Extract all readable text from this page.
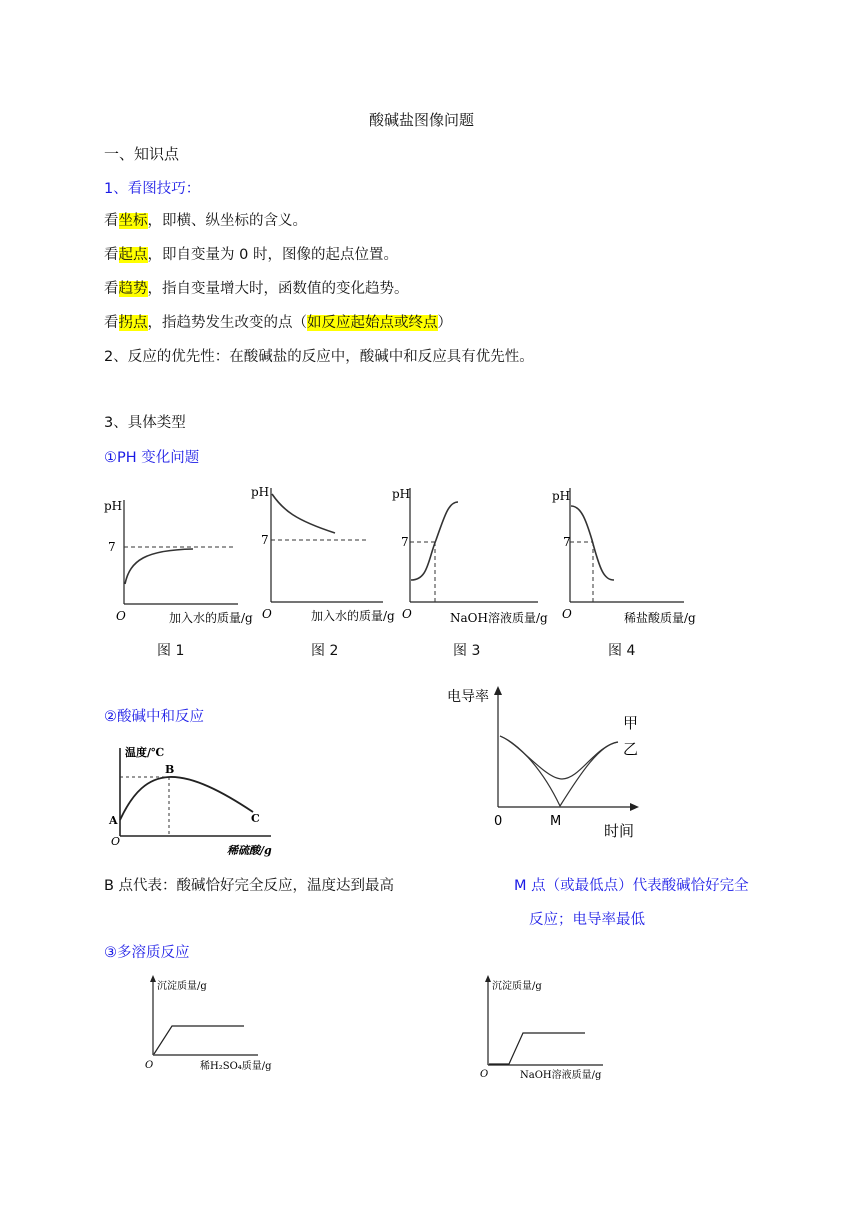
酸碱盐图像问题
一、知识点
1、看图技巧：
看坐标，即横、纵坐标的含义。
看起点，即自变量为 0 时，图像的起点位置。
看趋势，指自变量增大时，函数值的变化趋势。
看拐点，指趋势发生改变的点（如反应起始点或终点）
2、反应的优先性：在酸碱盐的反应中，酸碱中和反应具有优先性。
3、具体类型
①PH 变化问题
pH
7
O	加入水的质量/g
pH
7
O	加入水的质量/g
pH
7
O	NaOH溶液质量/g
pH
7
O	稀盐酸质量/g
图 1	图 2	图 3	图 4
②酸碱中和反应
温度/℃
A
B
C
O
稀硫酸/g
电导率
甲
乙
0	M
时间
B 点代表：酸碱恰好完全反应，温度达到最高	M 点（或最低点）代表酸碱恰好完全
反应；电导率最低
③多溶质反应
沉淀质量/g
O	稀H₂SO₄质量/g
沉淀质量/g
O	NaOH溶液质量/g
